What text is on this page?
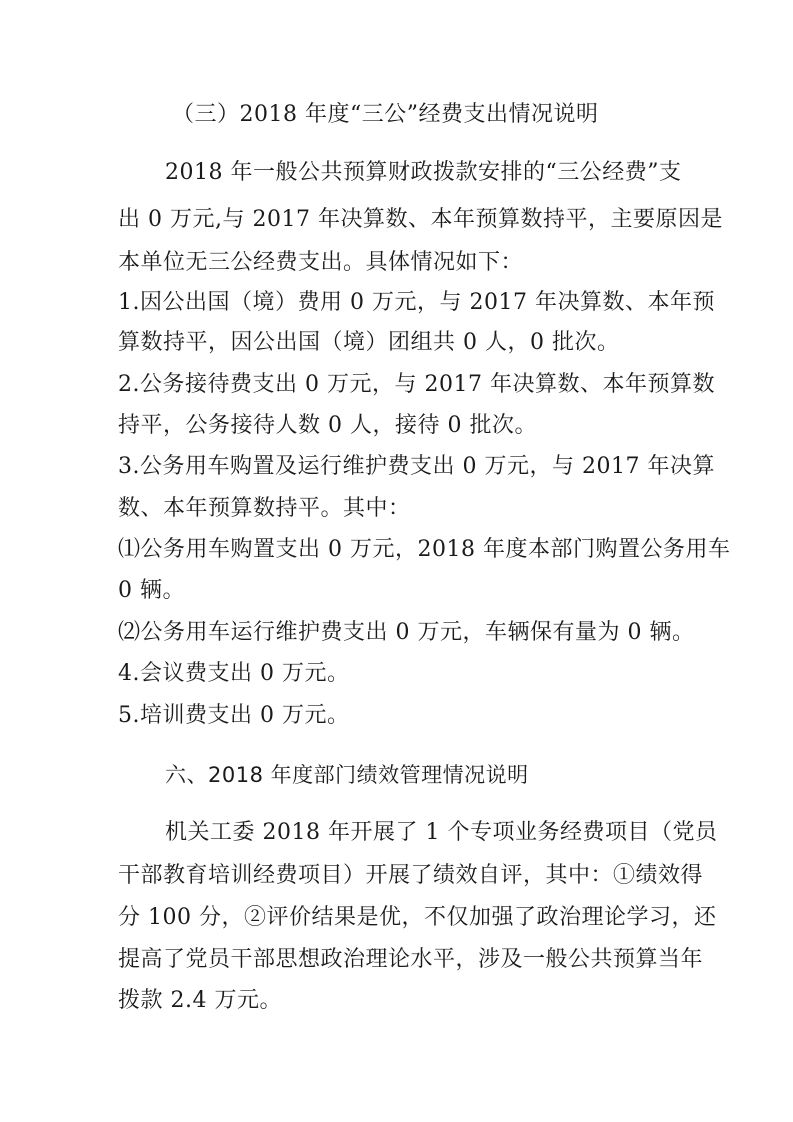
（三）2018 年度“三公”经费支出情况说明
2018 年一般公共预算财政拨款安排的“三公经费”支
出 0 万元,与 2017 年决算数、本年预算数持平，主要原因是
本单位无三公经费支出。具体情况如下：
1.因公出国（境）费用 0 万元，与 2017 年决算数、本年预
算数持平，因公出国（境）团组共 0 人，0 批次。
2.公务接待费支出 0 万元，与 2017 年决算数、本年预算数
持平，公务接待人数 0 人，接待 0 批次。
3.公务用车购置及运行维护费支出 0 万元，与 2017 年决算
数、本年预算数持平。其中：
⑴公务用车购置支出 0 万元，2018 年度本部门购置公务用车
0 辆。
⑵公务用车运行维护费支出 0 万元，车辆保有量为 0 辆。
4.会议费支出 0 万元。
5.培训费支出 0 万元。
六、2018 年度部门绩效管理情况说明
机关工委 2018 年开展了 1 个专项业务经费项目（党员
干部教育培训经费项目）开展了绩效自评，其中：①绩效得
分 100 分，②评价结果是优，不仅加强了政治理论学习，还
提高了党员干部思想政治理论水平，涉及一般公共预算当年
拨款 2.4 万元。
